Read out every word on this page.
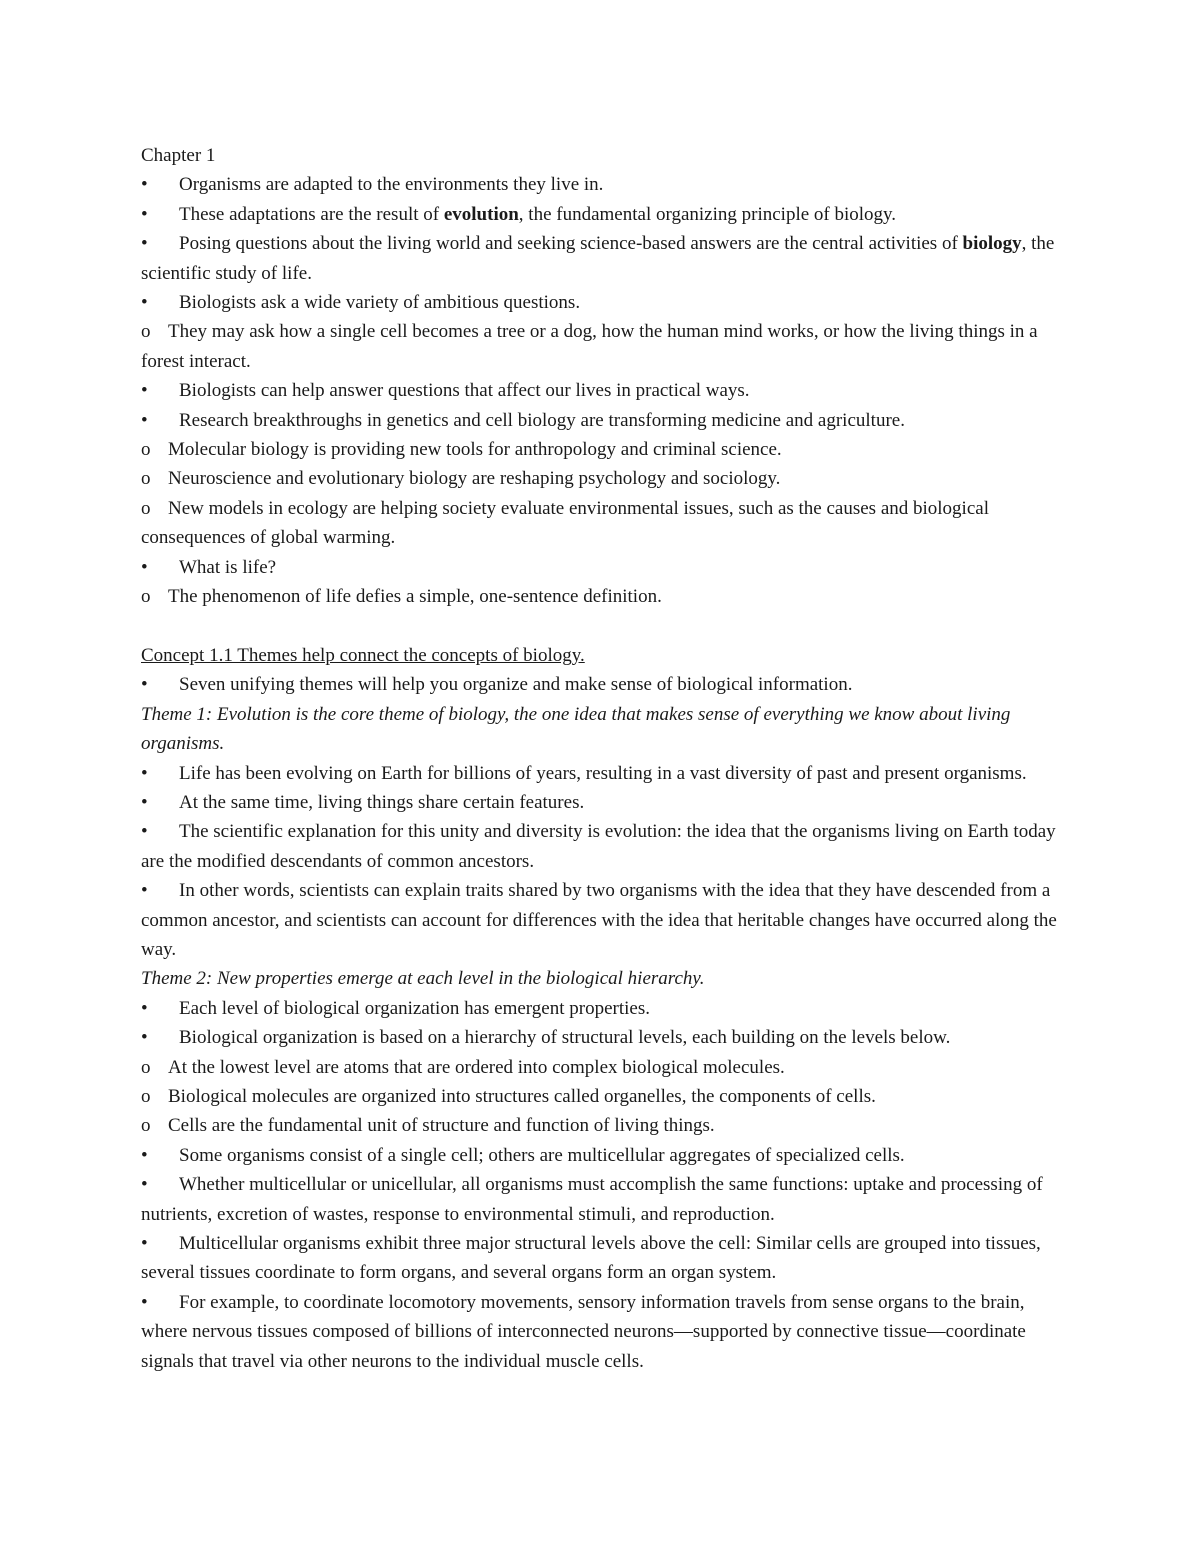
Chapter 1

• Organisms are adapted to the environments they live in.

• These adaptations are the result of evolution, the fundamental organizing principle of biology.

• Posing questions about the living world and seeking science-based answers are the central activities of biology, the scientific study of life.

• Biologists ask a wide variety of ambitious questions.

o They may ask how a single cell becomes a tree or a dog, how the human mind works, or how the living things in a forest interact.

• Biologists can help answer questions that affect our lives in practical ways.

• Research breakthroughs in genetics and cell biology are transforming medicine and agriculture.

o Molecular biology is providing new tools for anthropology and criminal science.

o Neuroscience and evolutionary biology are reshaping psychology and sociology.

o New models in ecology are helping society evaluate environmental issues, such as the causes and biological consequences of global warming.

• What is life?

o The phenomenon of life defies a simple, one-sentence definition.

Concept 1.1 Themes help connect the concepts of biology.

• Seven unifying themes will help you organize and make sense of biological information.

Theme 1: Evolution is the core theme of biology, the one idea that makes sense of everything we know about living organisms.

• Life has been evolving on Earth for billions of years, resulting in a vast diversity of past and present organisms.

• At the same time, living things share certain features.

• The scientific explanation for this unity and diversity is evolution: the idea that the organisms living on Earth today are the modified descendants of common ancestors.

• In other words, scientists can explain traits shared by two organisms with the idea that they have descended from a common ancestor, and scientists can account for differences with the idea that heritable changes have occurred along the way.

Theme 2: New properties emerge at each level in the biological hierarchy.

• Each level of biological organization has emergent properties.

• Biological organization is based on a hierarchy of structural levels, each building on the levels below.

o At the lowest level are atoms that are ordered into complex biological molecules.

o Biological molecules are organized into structures called organelles, the components of cells.

o Cells are the fundamental unit of structure and function of living things.

• Some organisms consist of a single cell; others are multicellular aggregates of specialized cells.

• Whether multicellular or unicellular, all organisms must accomplish the same functions: uptake and processing of nutrients, excretion of wastes, response to environmental stimuli, and reproduction.

• Multicellular organisms exhibit three major structural levels above the cell: Similar cells are grouped into tissues, several tissues coordinate to form organs, and several organs form an organ system.

• For example, to coordinate locomotory movements, sensory information travels from sense organs to the brain, where nervous tissues composed of billions of interconnected neurons—supported by connective tissue—coordinate signals that travel via other neurons to the individual muscle cells.
